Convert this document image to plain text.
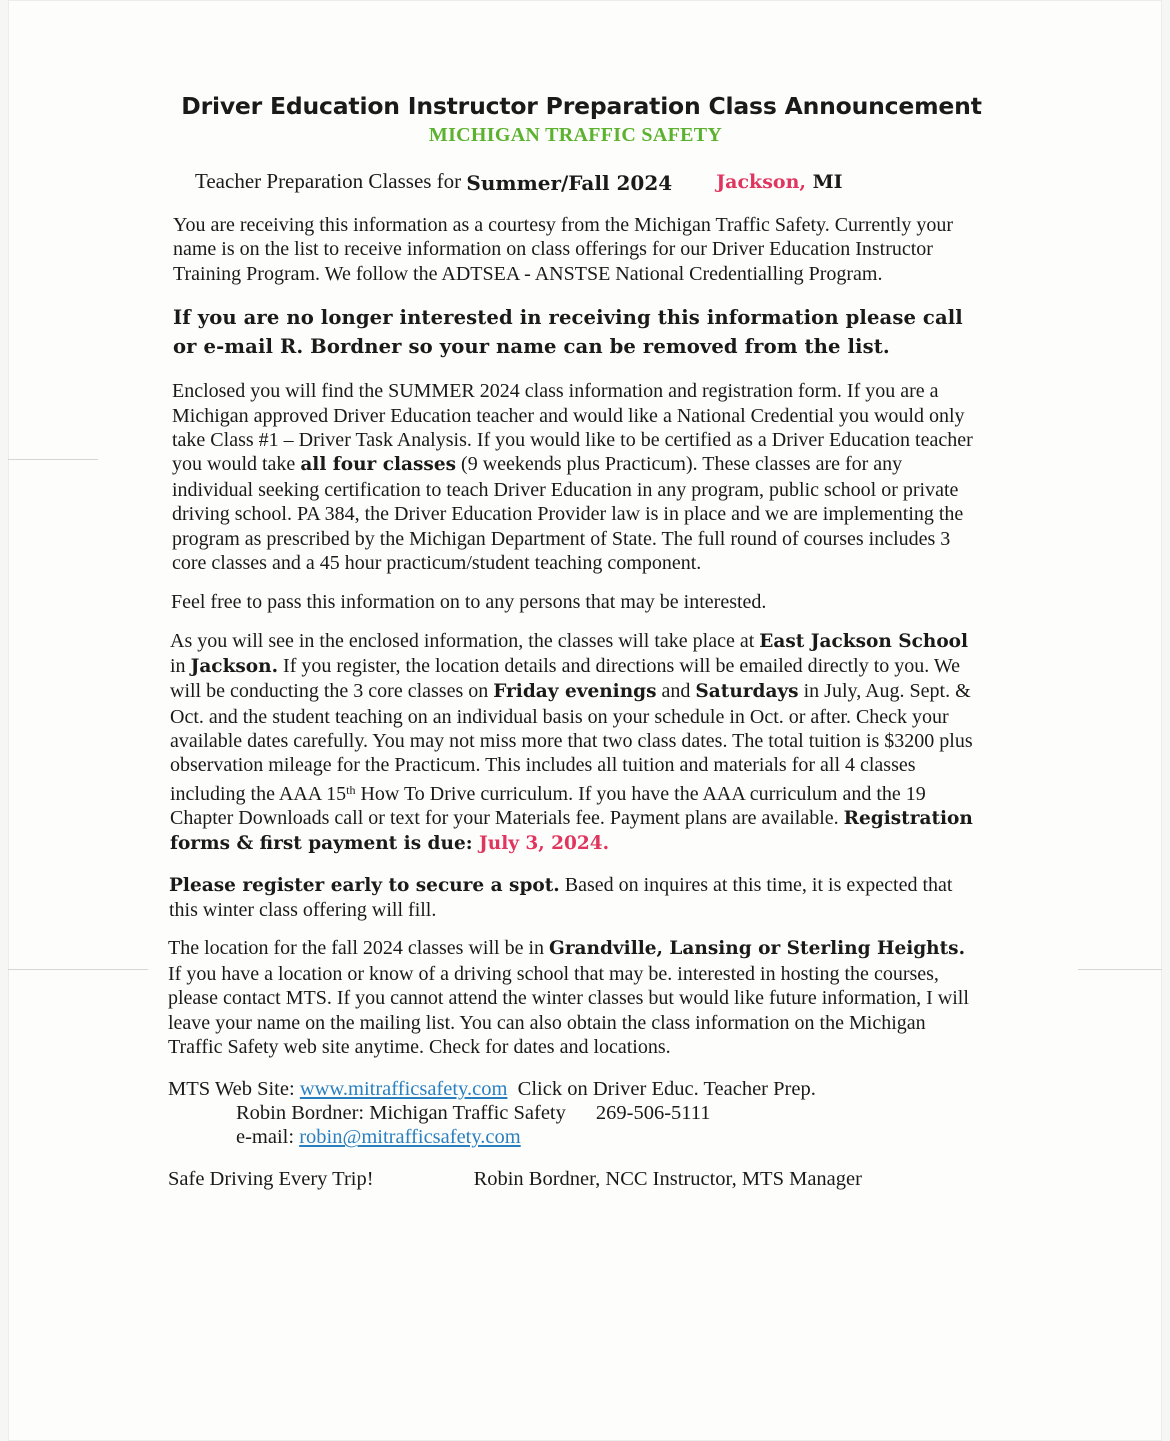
Driver Education Instructor Preparation Class Announcement
MICHIGAN TRAFFIC SAFETY
Teacher Preparation Classes for Summer/Fall 2024 Jackson, MI

You are receiving this information as a courtesy from the Michigan Traffic Safety. Currently your name is on the list to receive information on class offerings for our Driver Education Instructor Training Program. We follow the ADTSEA - ANSTSE National Credentialling Program.

If you are no longer interested in receiving this information please call or e-mail R. Bordner so your name can be removed from the list.

Enclosed you will find the SUMMER 2024 class information and registration form. If you are a Michigan approved Driver Education teacher and would like a National Credential you would only take Class #1 – Driver Task Analysis. If you would like to be certified as a Driver Education teacher you would take all four classes (9 weekends plus Practicum). These classes are for any individual seeking certification to teach Driver Education in any program, public school or private driving school. PA 384, the Driver Education Provider law is in place and we are implementing the program as prescribed by the Michigan Department of State. The full round of courses includes 3 core classes and a 45 hour practicum/student teaching component.

Feel free to pass this information on to any persons that may be interested.

As you will see in the enclosed information, the classes will take place at East Jackson School in Jackson. If you register, the location details and directions will be emailed directly to you. We will be conducting the 3 core classes on Friday evenings and Saturdays in July, Aug. Sept. & Oct. and the student teaching on an individual basis on your schedule in Oct. or after. Check your available dates carefully. You may not miss more that two class dates. The total tuition is $3200 plus observation mileage for the Practicum. This includes all tuition and materials for all 4 classes including the AAA 15th How To Drive curriculum. If you have the AAA curriculum and the 19 Chapter Downloads call or text for your Materials fee. Payment plans are available. Registration forms & first payment is due: July 3, 2024.

Please register early to secure a spot. Based on inquires at this time, it is expected that this winter class offering will fill.

The location for the fall 2024 classes will be in Grandville, Lansing or Sterling Heights. If you have a location or know of a driving school that may be. interested in hosting the courses, please contact MTS. If you cannot attend the winter classes but would like future information, I will leave your name on the mailing list. You can also obtain the class information on the Michigan Traffic Safety web site anytime. Check for dates and locations.

MTS Web Site: www.mitrafficsafety.com Click on Driver Educ. Teacher Prep.
Robin Bordner: Michigan Traffic Safety 269-506-5111
e-mail: robin@mitrafficsafety.com
Safe Driving Every Trip!	Robin Bordner, NCC Instructor, MTS Manager
